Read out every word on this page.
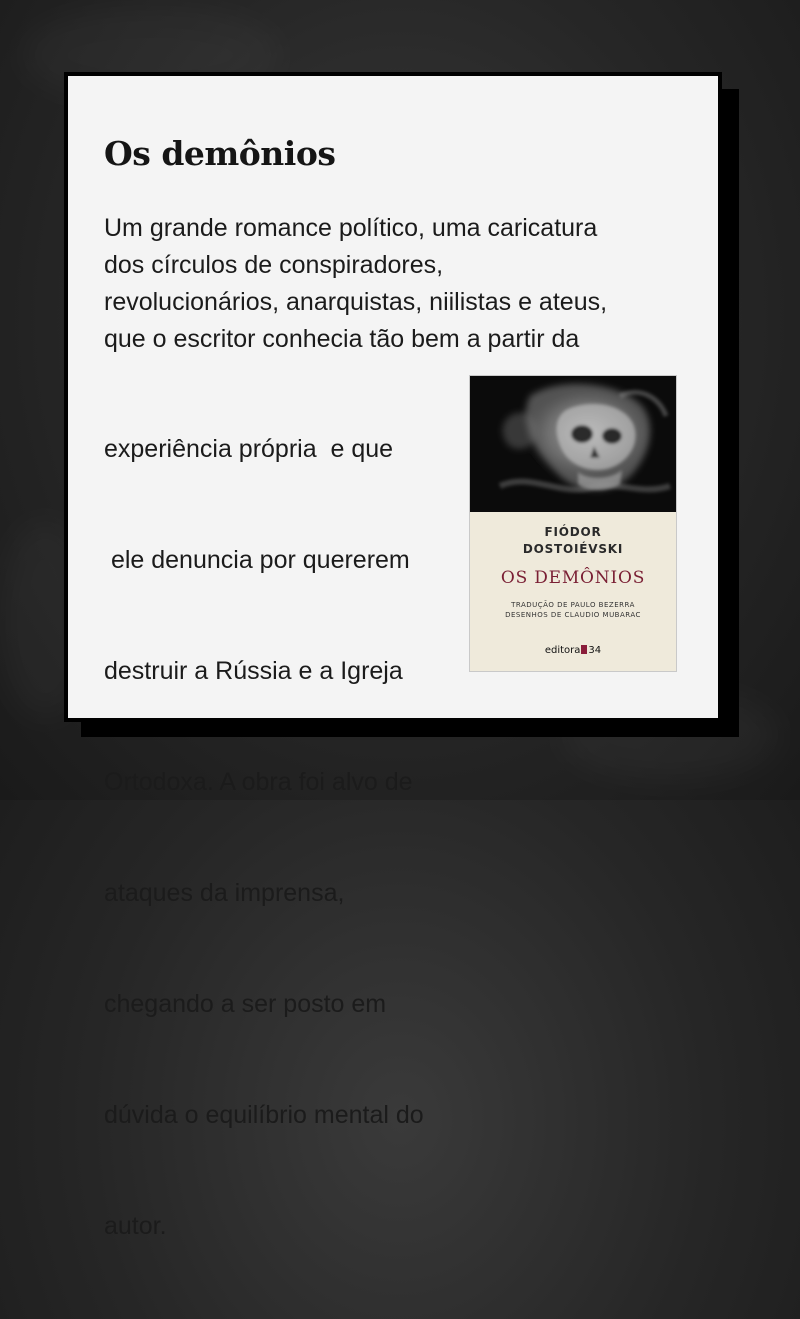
Os demônios
Um grande romance político, uma caricatura
dos círculos de conspiradores,
revolucionários, anarquistas, niilistas e ateus,
que o escritor conhecia tão bem a partir da

experiência própria  e que

ele denuncia por quererem

destruir a Rússia e a Igreja

Ortodoxa. A obra foi alvo de

ataques da imprensa,

chegando a ser posto em

dúvida o equilíbrio mental do

autor.

FIÓDOR
DOSTOIÉVSKI
OS DEMÔNIOS
TRADUÇÃO DE PAULO BEZERRA
DESENHOS DE CLAUDIO MUBARAC
editora 34
